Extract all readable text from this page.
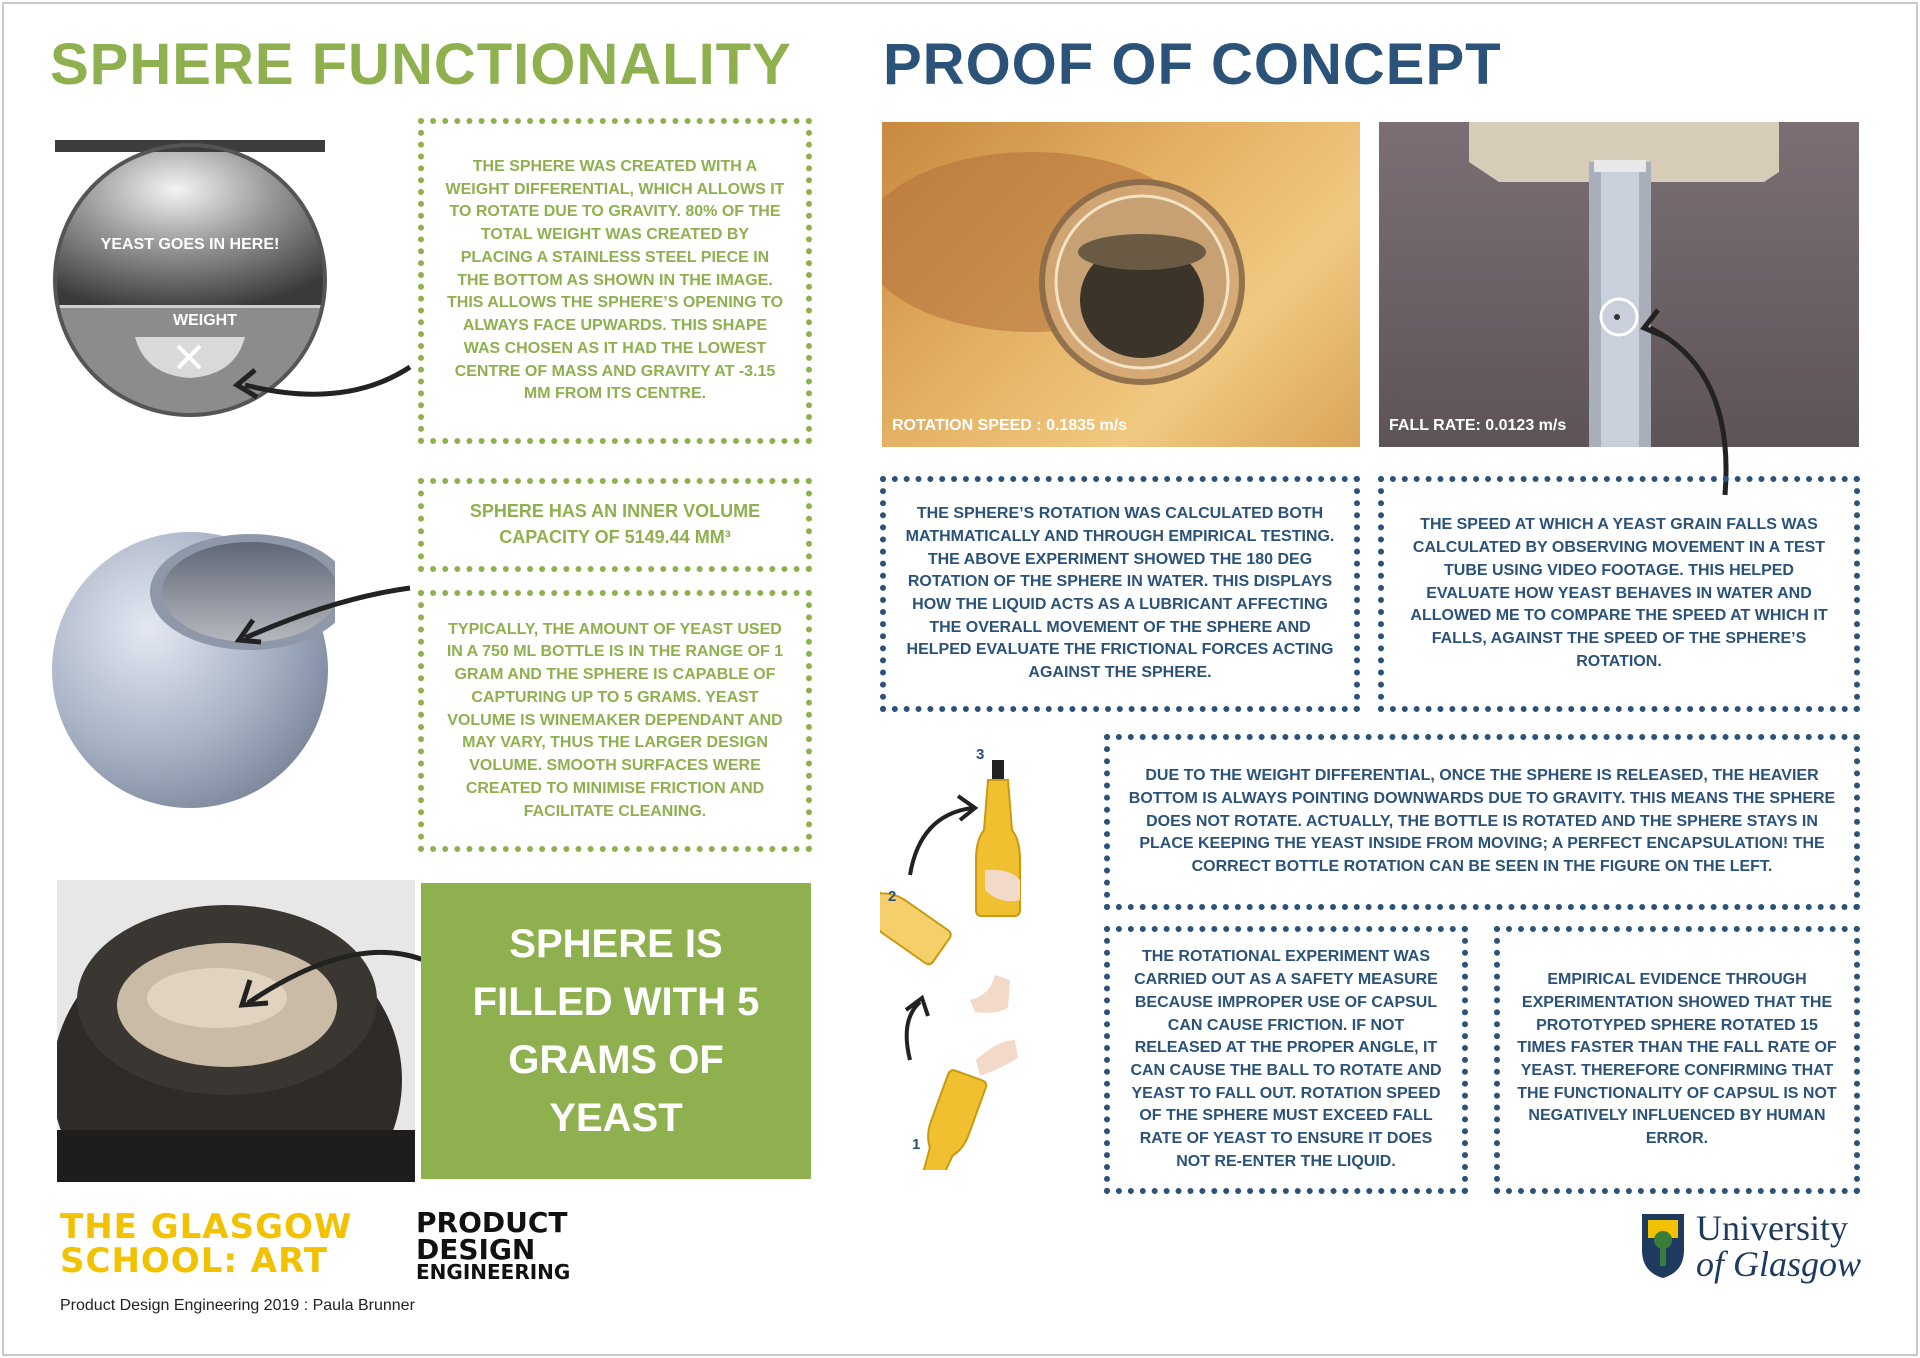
SPHERE FUNCTIONALITY PROOF OF CONCEPT
YEAST GOES IN HERE!
WEIGHT
THE SPHERE WAS CREATED WITH A WEIGHT DIFFERENTIAL, WHICH ALLOWS IT TO ROTATE DUE TO GRAVITY. 80% OF THE TOTAL WEIGHT WAS CREATED BY PLACING A STAINLESS STEEL PIECE IN THE BOTTOM AS SHOWN IN THE IMAGE. THIS ALLOWS THE SPHERE’S OPENING TO ALWAYS FACE UPWARDS. THIS SHAPE WAS CHOSEN AS IT HAD THE LOWEST CENTRE OF MASS AND GRAVITY AT -3.15 MM FROM ITS CENTRE.
SPHERE HAS AN INNER VOLUME CAPACITY OF 5149.44 MM³
TYPICALLY, THE AMOUNT OF YEAST USED IN A 750 ML BOTTLE IS IN THE RANGE OF 1 GRAM AND THE SPHERE IS CAPABLE OF CAPTURING UP TO 5 GRAMS. YEAST VOLUME IS WINEMAKER DEPENDANT AND MAY VARY, THUS THE LARGER DESIGN VOLUME. SMOOTH SURFACES WERE CREATED TO MINIMISE FRICTION AND FACILITATE CLEANING.
SPHERE IS FILLED WITH 5 GRAMS OF YEAST
ROTATION SPEED : 0.1835 m/s	FALL RATE: 0.0123 m/s
THE SPHERE’S ROTATION WAS CALCULATED BOTH MATHMATICALLY AND THROUGH EMPIRICAL TESTING. THE ABOVE EXPERIMENT SHOWED THE 180 DEG ROTATION OF THE SPHERE IN WATER. THIS DISPLAYS HOW THE LIQUID ACTS AS A LUBRICANT AFFECTING THE OVERALL MOVEMENT OF THE SPHERE AND HELPED EVALUATE THE FRICTIONAL FORCES ACTING AGAINST THE SPHERE.
THE SPEED AT WHICH A YEAST GRAIN FALLS WAS CALCULATED BY OBSERVING MOVEMENT IN A TEST TUBE USING VIDEO FOOTAGE. THIS HELPED EVALUATE HOW YEAST BEHAVES IN WATER AND ALLOWED ME TO COMPARE THE SPEED AT WHICH IT FALLS, AGAINST THE SPEED OF THE SPHERE’S ROTATION.
3
2
1
DUE TO THE WEIGHT DIFFERENTIAL, ONCE THE SPHERE IS RELEASED, THE HEAVIER BOTTOM IS ALWAYS POINTING DOWNWARDS DUE TO GRAVITY. THIS MEANS THE SPHERE DOES NOT ROTATE. ACTUALLY, THE BOTTLE IS ROTATED AND THE SPHERE STAYS IN PLACE KEEPING THE YEAST INSIDE FROM MOVING; A PERFECT ENCAPSULATION! THE CORRECT BOTTLE ROTATION CAN BE SEEN IN THE FIGURE ON THE LEFT.
THE ROTATIONAL EXPERIMENT WAS CARRIED OUT AS A SAFETY MEASURE BECAUSE IMPROPER USE OF CAPSUL CAN CAUSE FRICTION. IF NOT RELEASED AT THE PROPER ANGLE, IT CAN CAUSE THE BALL TO ROTATE AND YEAST TO FALL OUT. ROTATION SPEED OF THE SPHERE MUST EXCEED FALL RATE OF YEAST TO ENSURE IT DOES NOT RE-ENTER THE LIQUID.
EMPIRICAL EVIDENCE THROUGH EXPERIMENTATION SHOWED THAT THE PROTOTYPED SPHERE ROTATED 15 TIMES FASTER THAN THE FALL RATE OF YEAST. THEREFORE CONFIRMING THAT THE FUNCTIONALITY OF CAPSUL IS NOT NEGATIVELY INFLUENCED BY HUMAN ERROR.
THE GLASGOW
SCHOOL: ART
PRODUCT
DESIGN
ENGINEERING
Product Design Engineering 2019 : Paula Brunner
University
of Glasgow
